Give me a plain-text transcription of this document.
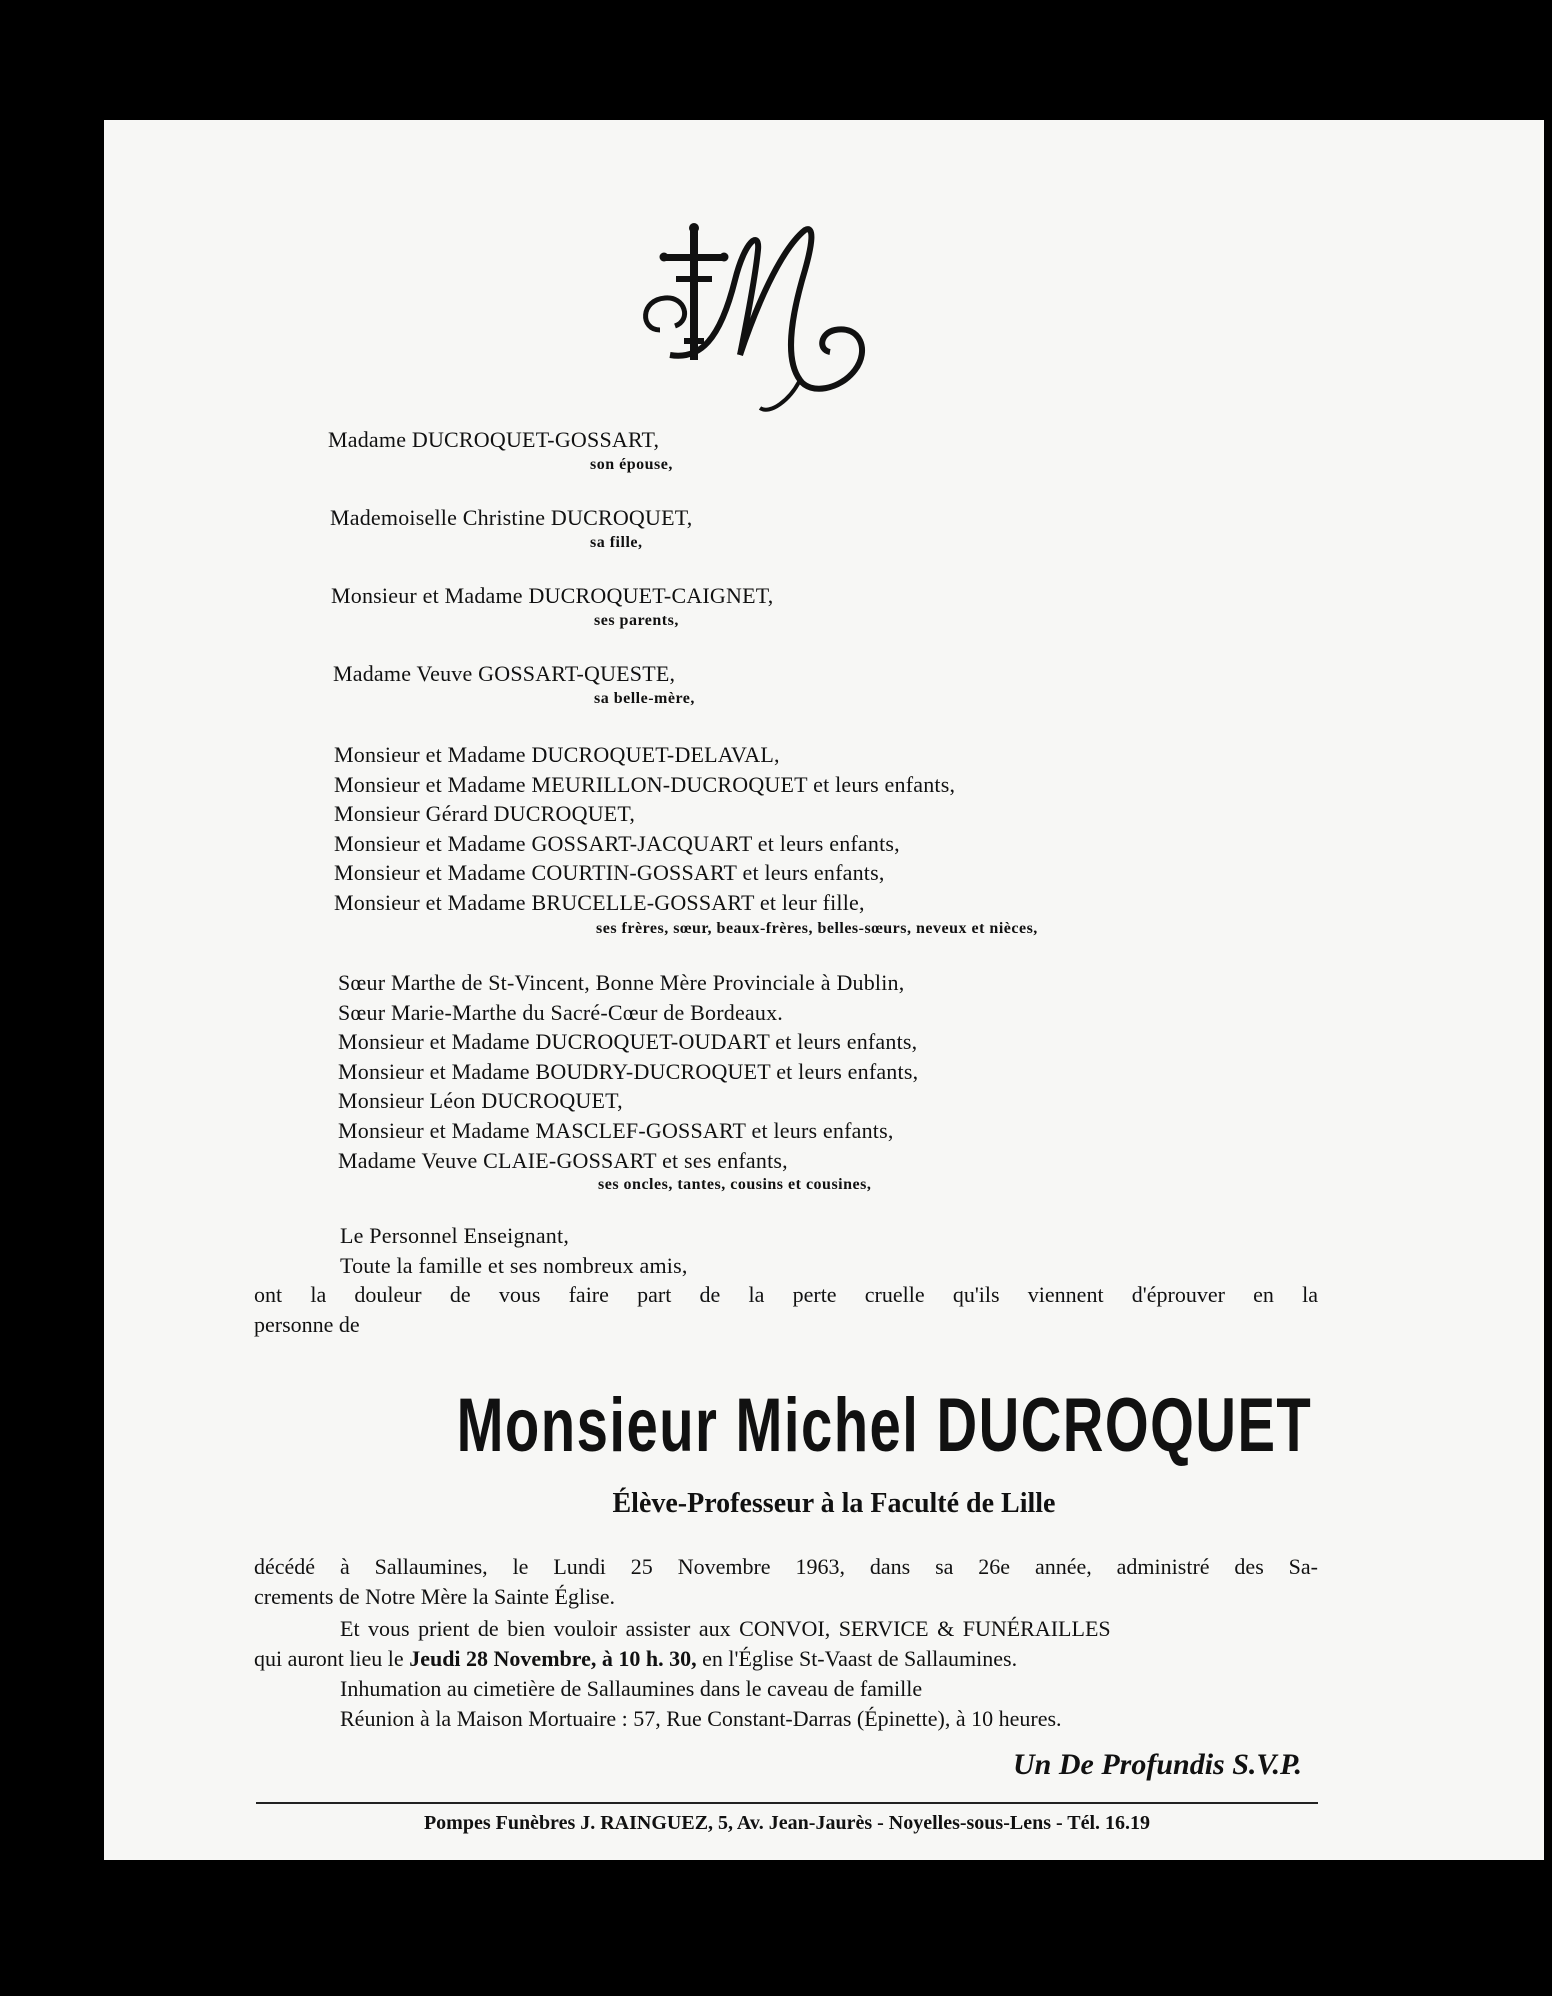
Madame DUCROQUET-GOSSART,
son épouse,
Mademoiselle Christine DUCROQUET,
sa fille,
Monsieur et Madame DUCROQUET-CAIGNET,
ses parents,
Madame Veuve GOSSART-QUESTE,
sa belle-mère,
Monsieur et Madame DUCROQUET-DELAVAL,
Monsieur et Madame MEURILLON-DUCROQUET et leurs enfants,
Monsieur Gérard DUCROQUET,
Monsieur et Madame GOSSART-JACQUART et leurs enfants,
Monsieur et Madame COURTIN-GOSSART et leurs enfants,
Monsieur et Madame BRUCELLE-GOSSART et leur fille,
ses frères, sœur, beaux-frères, belles-sœurs, neveux et nièces,
Sœur Marthe de St-Vincent, Bonne Mère Provinciale à Dublin,
Sœur Marie-Marthe du Sacré-Cœur de Bordeaux.
Monsieur et Madame DUCROQUET-OUDART et leurs enfants,
Monsieur et Madame BOUDRY-DUCROQUET et leurs enfants,
Monsieur Léon DUCROQUET,
Monsieur et Madame MASCLEF-GOSSART et leurs enfants,
Madame Veuve CLAIE-GOSSART et ses enfants,
ses oncles, tantes, cousins et cousines,
Le Personnel Enseignant,
Toute la famille et ses nombreux amis,
ont la douleur de vous faire part de la perte cruelle qu'ils viennent d'éprouver en la
personne de
Monsieur Michel DUCROQUET
Élève-Professeur à la Faculté de Lille
décédé à Sallaumines, le Lundi 25 Novembre 1963, dans sa 26e année, administré des Sa-
crements de Notre Mère la Sainte Église.
Et vous prient de bien vouloir assister aux CONVOI, SERVICE & FUNÉRAILLES
qui auront lieu le Jeudi 28 Novembre, à 10 h. 30, en l'Église St-Vaast de Sallaumines.
Inhumation au cimetière de Sallaumines dans le caveau de famille
Réunion à la Maison Mortuaire : 57, Rue Constant-Darras (Épinette), à 10 heures.
Un De Profundis S.V.P.
Pompes Funèbres J. RAINGUEZ, 5, Av. Jean-Jaurès - Noyelles-sous-Lens - Tél. 16.19
